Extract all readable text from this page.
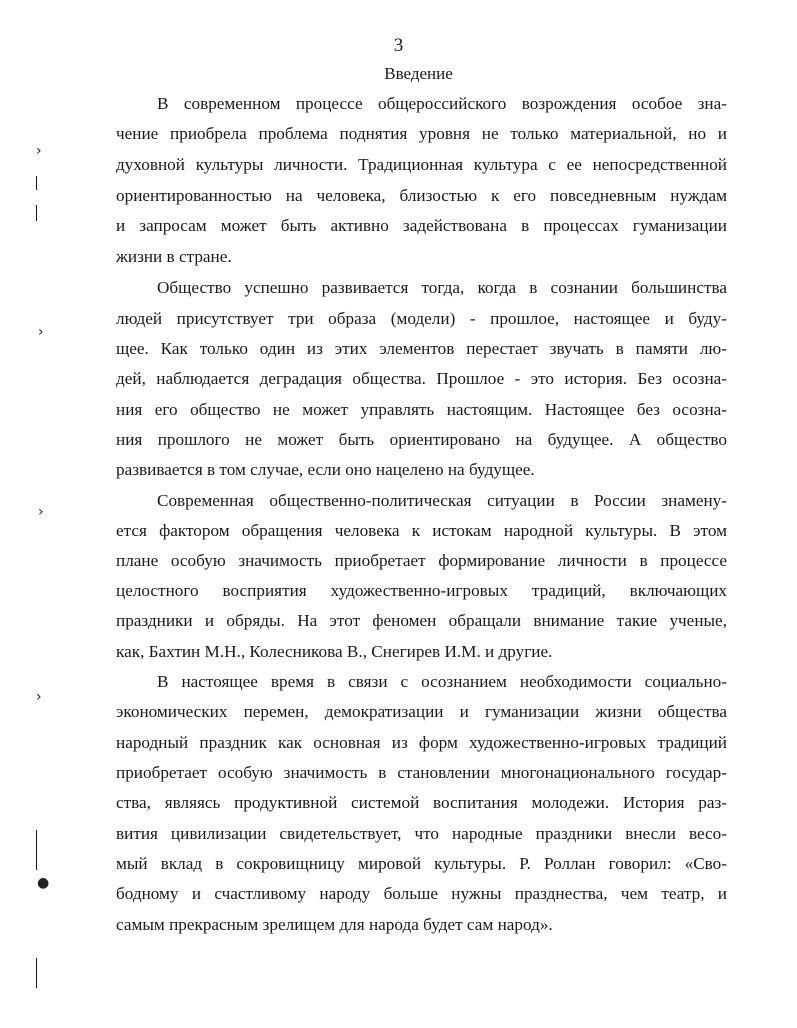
›
›
›
›
●
3
Введение
В современном процессе общероссийского возрождения особое зна-
чение приобрела проблема поднятия уровня не только материальной, но и
духовной культуры личности. Традиционная культура с ее непосредственной
ориентированностью на человека, близостью к его повседневным нуждам
и запросам может быть активно задействована в процессах гуманизации
жизни в стране.
Общество успешно развивается тогда, когда в сознании большинства
людей присутствует три образа (модели) - прошлое, настоящее и буду-
щее. Как только один из этих элементов перестает звучать в памяти лю-
дей, наблюдается деградация общества. Прошлое - это история. Без осозна-
ния его общество не может управлять настоящим. Настоящее без осозна-
ния прошлого не может быть ориентировано на будущее. А общество
развивается в том случае, если оно нацелено на будущее.
Современная общественно-политическая ситуации в России знамену-
ется фактором обращения человека к истокам народной культуры. В этом
плане особую значимость приобретает формирование личности в процессе
целостного восприятия художественно-игровых традиций, включающих
праздники и обряды. На этот феномен обращали внимание такие ученые,
как, Бахтин М.Н., Колесникова В., Снегирев И.М. и другие.
В настоящее время в связи с осознанием необходимости социально-
экономических перемен, демократизации и гуманизации жизни общества
народный праздник как основная из форм художественно-игровых традиций
приобретает особую значимость в становлении многонационального государ-
ства, являясь продуктивной системой воспитания молодежи. История раз-
вития цивилизации свидетельствует, что народные праздники внесли весо-
мый вклад в сокровищницу мировой культуры. Р. Роллан говорил: «Сво-
бодному и счастливому народу больше нужны празднества, чем театр, и
самым прекрасным зрелищем для народа будет сам народ».
